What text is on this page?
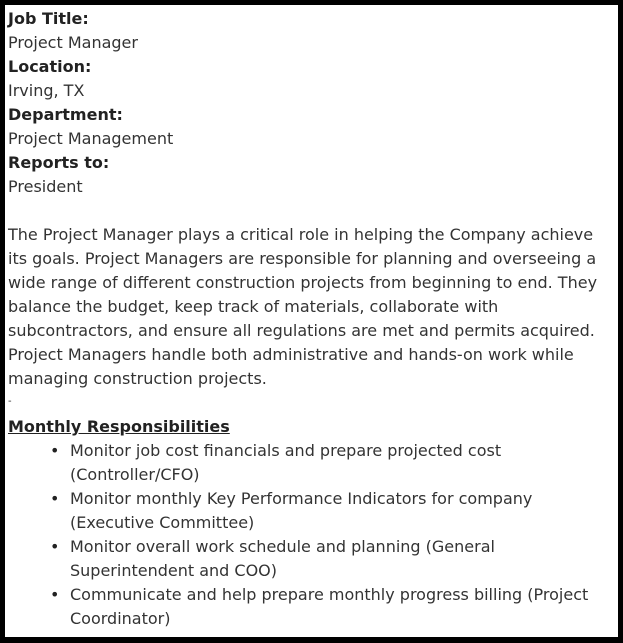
Job Title:

Project Manager

Location:

Irving, TX

Department:

Project Management

Reports to:

President

The Project Manager plays a critical role in helping the Company achieve its goals. Project Managers are responsible for planning and overseeing a wide range of different construction projects from beginning to end. They balance the budget, keep track of materials, collaborate with subcontractors, and ensure all regulations are met and permits acquired. Project Managers handle both administrative and hands-on work while managing construction projects.

-

Monthly Responsibilities

• Monitor job cost financials and prepare projected cost (Controller/CFO)
• Monitor monthly Key Performance Indicators for company (Executive Committee)
• Monitor overall work schedule and planning (General Superintendent and COO)
• Communicate and help prepare monthly progress billing (Project Coordinator)
